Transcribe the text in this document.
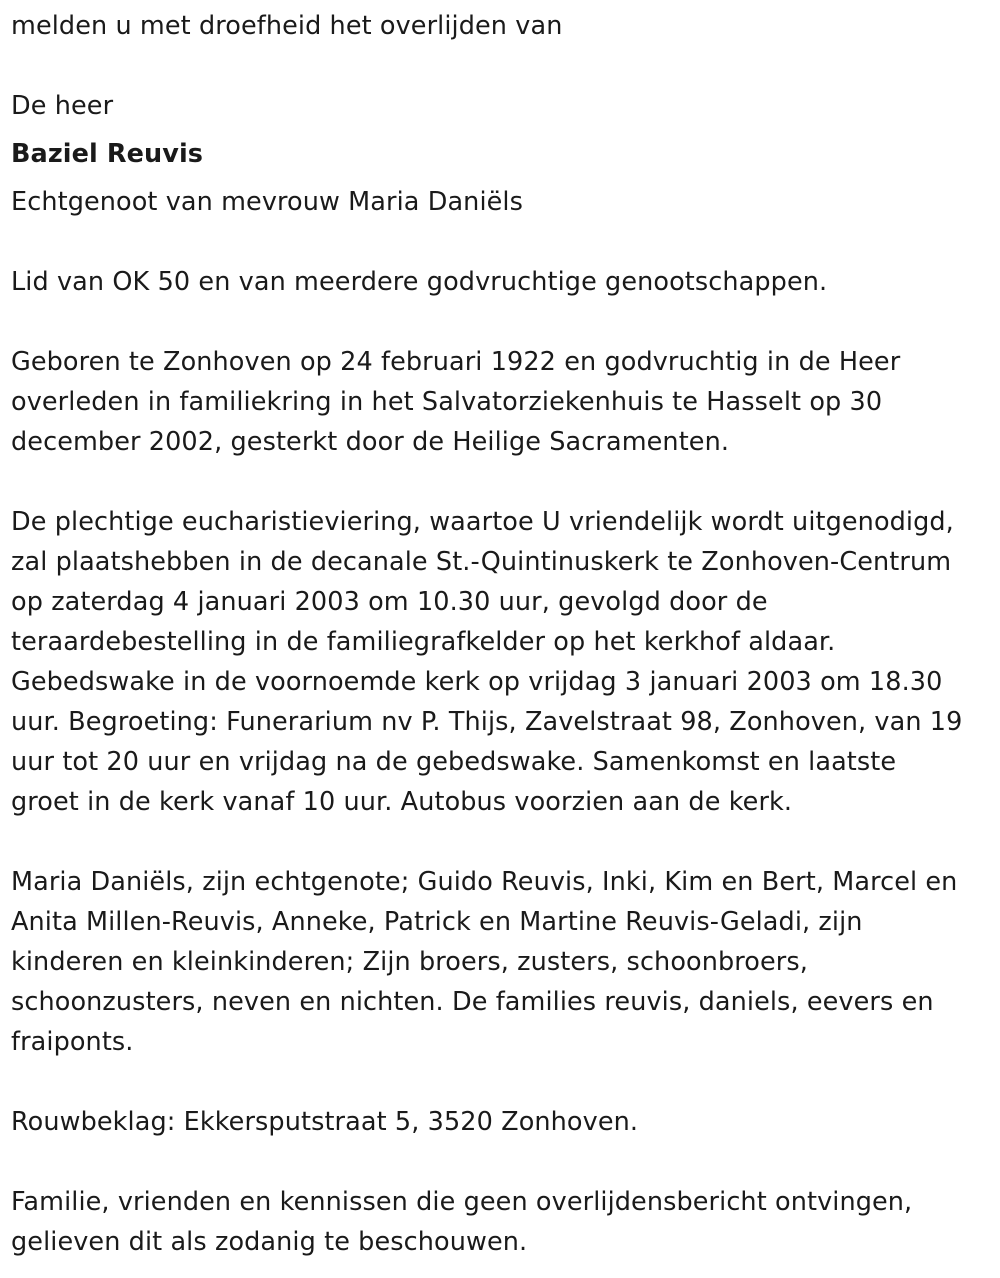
melden u met droefheid het overlijden van
De heer
Baziel Reuvis
Echtgenoot van mevrouw Maria Daniëls
Lid van OK 50 en van meerdere godvruchtige genootschappen.
Geboren te Zonhoven op 24 februari 1922 en godvruchtig in de Heer
overleden in familiekring in het Salvatorziekenhuis te Hasselt op 30
december 2002, gesterkt door de Heilige Sacramenten.
De plechtige eucharistieviering, waartoe U vriendelijk wordt uitgenodigd,
zal plaatshebben in de decanale St.-Quintinuskerk te Zonhoven-Centrum
op zaterdag 4 januari 2003 om 10.30 uur, gevolgd door de
teraardebestelling in de familiegrafkelder op het kerkhof aldaar.
Gebedswake in de voornoemde kerk op vrijdag 3 januari 2003 om 18.30
uur. Begroeting: Funerarium nv P. Thijs, Zavelstraat 98, Zonhoven, van 19
uur tot 20 uur en vrijdag na de gebedswake. Samenkomst en laatste
groet in de kerk vanaf 10 uur. Autobus voorzien aan de kerk.
Maria Daniëls, zijn echtgenote; Guido Reuvis, Inki, Kim en Bert, Marcel en
Anita Millen-Reuvis, Anneke, Patrick en Martine Reuvis-Geladi, zijn
kinderen en kleinkinderen; Zijn broers, zusters, schoonbroers,
schoonzusters, neven en nichten. De families reuvis, daniels, eevers en
fraiponts.
Rouwbeklag: Ekkersputstraat 5, 3520 Zonhoven.
Familie, vrienden en kennissen die geen overlijdensbericht ontvingen,
gelieven dit als zodanig te beschouwen.
